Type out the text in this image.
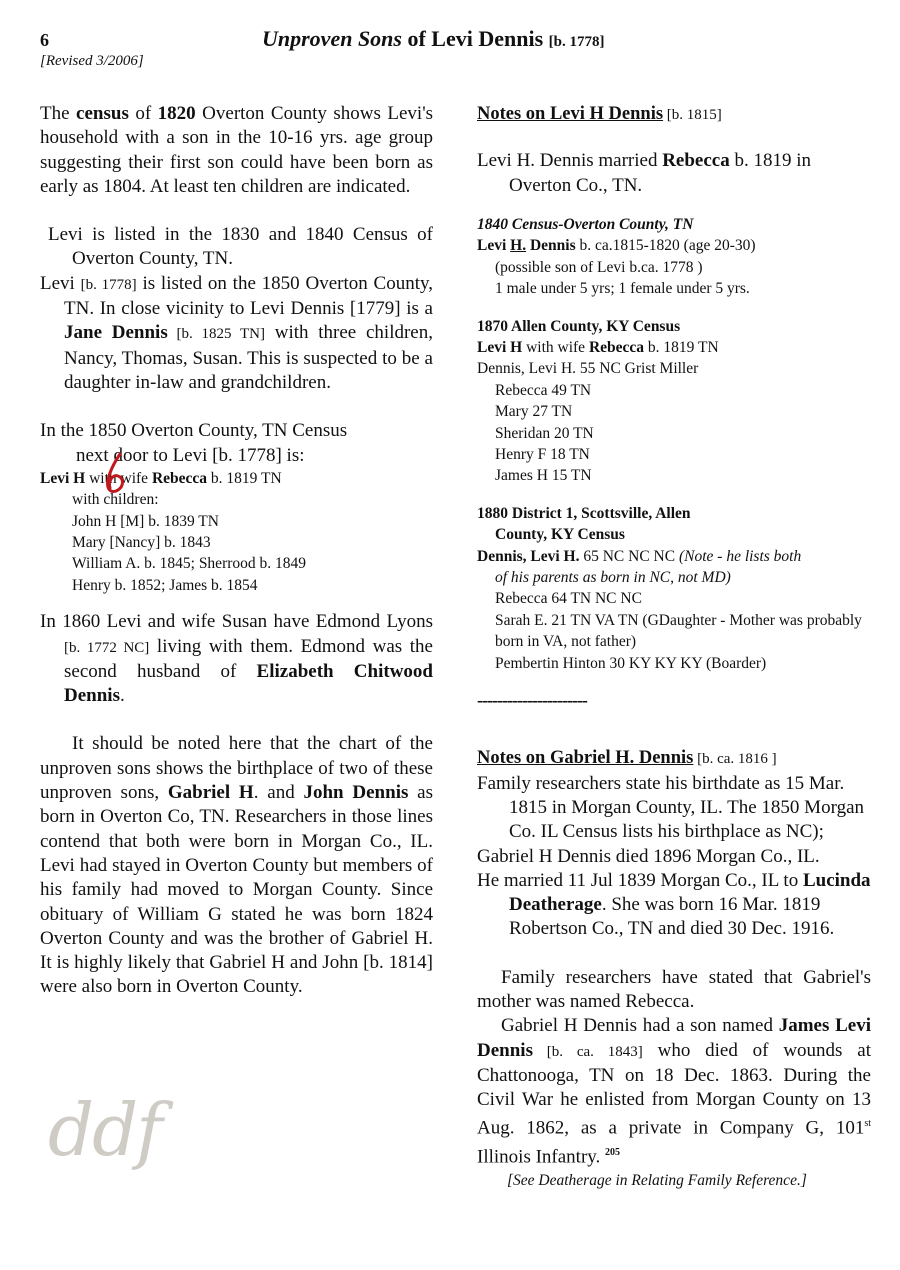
6
[Revised 3/2006]
Unproven Sons of Levi Dennis [b. 1778]

The census of 1820 Overton County shows Levi's household with a son in the 10-16 yrs. age group suggesting their first son could have been born as early as 1804. At least ten children are indicated.

Levi is listed in the 1830 and 1840 Census of Overton County, TN.

Levi [b. 1778] is listed on the 1850 Overton County, TN. In close vicinity to Levi Dennis [1779] is a Jane Dennis [b. 1825 TN] with three children, Nancy, Thomas, Susan. This is suspected to be a daughter in-law and grandchildren.

In the 1850 Overton County, TN Census
next door to Levi [b. 1778] is:

Levi H with wife Rebecca b. 1819 TN

with children:

John H [M] b. 1839 TN

Mary [Nancy] b. 1843

William A. b. 1845; Sherrood b. 1849

Henry b. 1852; James b. 1854

In 1860 Levi and wife Susan have Edmond Lyons [b. 1772 NC] living with them. Edmond was the second husband of Elizabeth Chitwood Dennis.

It should be noted here that the chart of the unproven sons shows the birthplace of two of these unproven sons, Gabriel H. and John Dennis as born in Overton Co, TN. Researchers in those lines contend that both were born in Morgan Co., IL. Levi had stayed in Overton County but members of his family had moved to Morgan County. Since obituary of William G stated he was born 1824 Overton County and was the brother of Gabriel H. It is highly likely that Gabriel H and John [b. 1814] were also born in Overton County.

ddf

Notes on Levi H Dennis [b. 1815]

Levi H. Dennis married Rebecca b. 1819 in Overton Co., TN.

1840 Census-Overton County, TN

Levi H. Dennis b. ca.1815-1820 (age 20-30)

(possible son of Levi b.ca. 1778 )

1 male under 5 yrs; 1 female under 5 yrs.

1870 Allen County, KY Census

Levi H with wife Rebecca b. 1819 TN

Dennis, Levi H. 55 NC Grist Miller

Rebecca 49 TN

Mary 27 TN

Sheridan 20 TN

Henry F 18 TN

James H 15 TN

1880 District 1, Scottsville, Allen

County, KY Census

Dennis, Levi H. 65 NC NC NC (Note - he lists both

of his parents as born in NC, not MD)

Rebecca 64 TN NC NC

Sarah E. 21 TN VA TN (GDaughter - Mother was probably born in VA, not father)

Pembertin Hinton 30 KY KY KY (Boarder)

----------------------

Notes on Gabriel H. Dennis [b. ca. 1816 ]

Family researchers state his birthdate as 15 Mar. 1815 in Morgan County, IL. The 1850 Morgan Co. IL Census lists his birthplace as NC);

Gabriel H Dennis died 1896 Morgan Co., IL.

He married 11 Jul 1839 Morgan Co., IL to Lucinda Deatherage. She was born 16 Mar. 1819 Robertson Co., TN and died 30 Dec. 1916.

Family researchers have stated that Gabriel's mother was named Rebecca.

Gabriel H Dennis had a son named James Levi Dennis [b. ca. 1843] who died of wounds at Chattonooga, TN on 18 Dec. 1863. During the Civil War he enlisted from Morgan County on 13 Aug. 1862, as a private in Company G, 101st Illinois Infantry. $^{205}$

[See Deatherage in Relating Family Reference.]
